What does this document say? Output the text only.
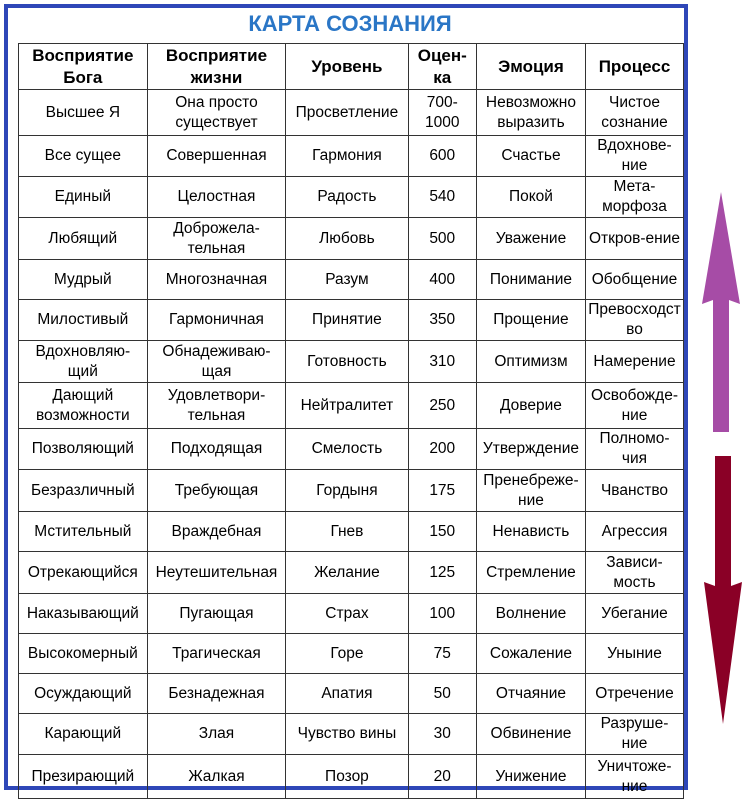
КАРТА СОЗНАНИЯ
Восприятие Бога	Восприятие жизни	Уровень	Оцен-ка	Эмоция	Процесс
Высшее Я	Она просто существует	Просветление	700-1000	Невозможно выразить	Чистое сознание
Все сущее	Совершенная	Гармония	600	Счастье	Вдохнове-ние
Единый	Целостная	Радость	540	Покой	Мета-морфоза
Любящий	Доброжела-тельная	Любовь	500	Уважение	Откров-ение
Мудрый	Многозначная	Разум	400	Понимание	Обобщение
Милостивый	Гармоничная	Принятие	350	Прощение	Превосходст во
Вдохновляю-щий	Обнадеживаю-щая	Готовность	310	Оптимизм	Намерение
Дающий возможности	Удовлетвори-тельная	Нейтралитет	250	Доверие	Освобожде-ние
Позволяющий	Подходящая	Смелость	200	Утверждение	Полномо-чия
Безразличный	Требующая	Гордыня	175	Пренебреже-ние	Чванство
Мстительный	Враждебная	Гнев	150	Ненависть	Агрессия
Отрекающийся	Неутешительная	Желание	125	Стремление	Зависи-мость
Наказывающий	Пугающая	Страх	100	Волнение	Убегание
Высокомерный	Трагическая	Горе	75	Сожаление	Уныние
Осуждающий	Безнадежная	Апатия	50	Отчаяние	Отречение
Карающий	Злая	Чувство вины	30	Обвинение	Разруше-ние
Презирающий	Жалкая	Позор	20	Унижение	Уничтоже-ние
